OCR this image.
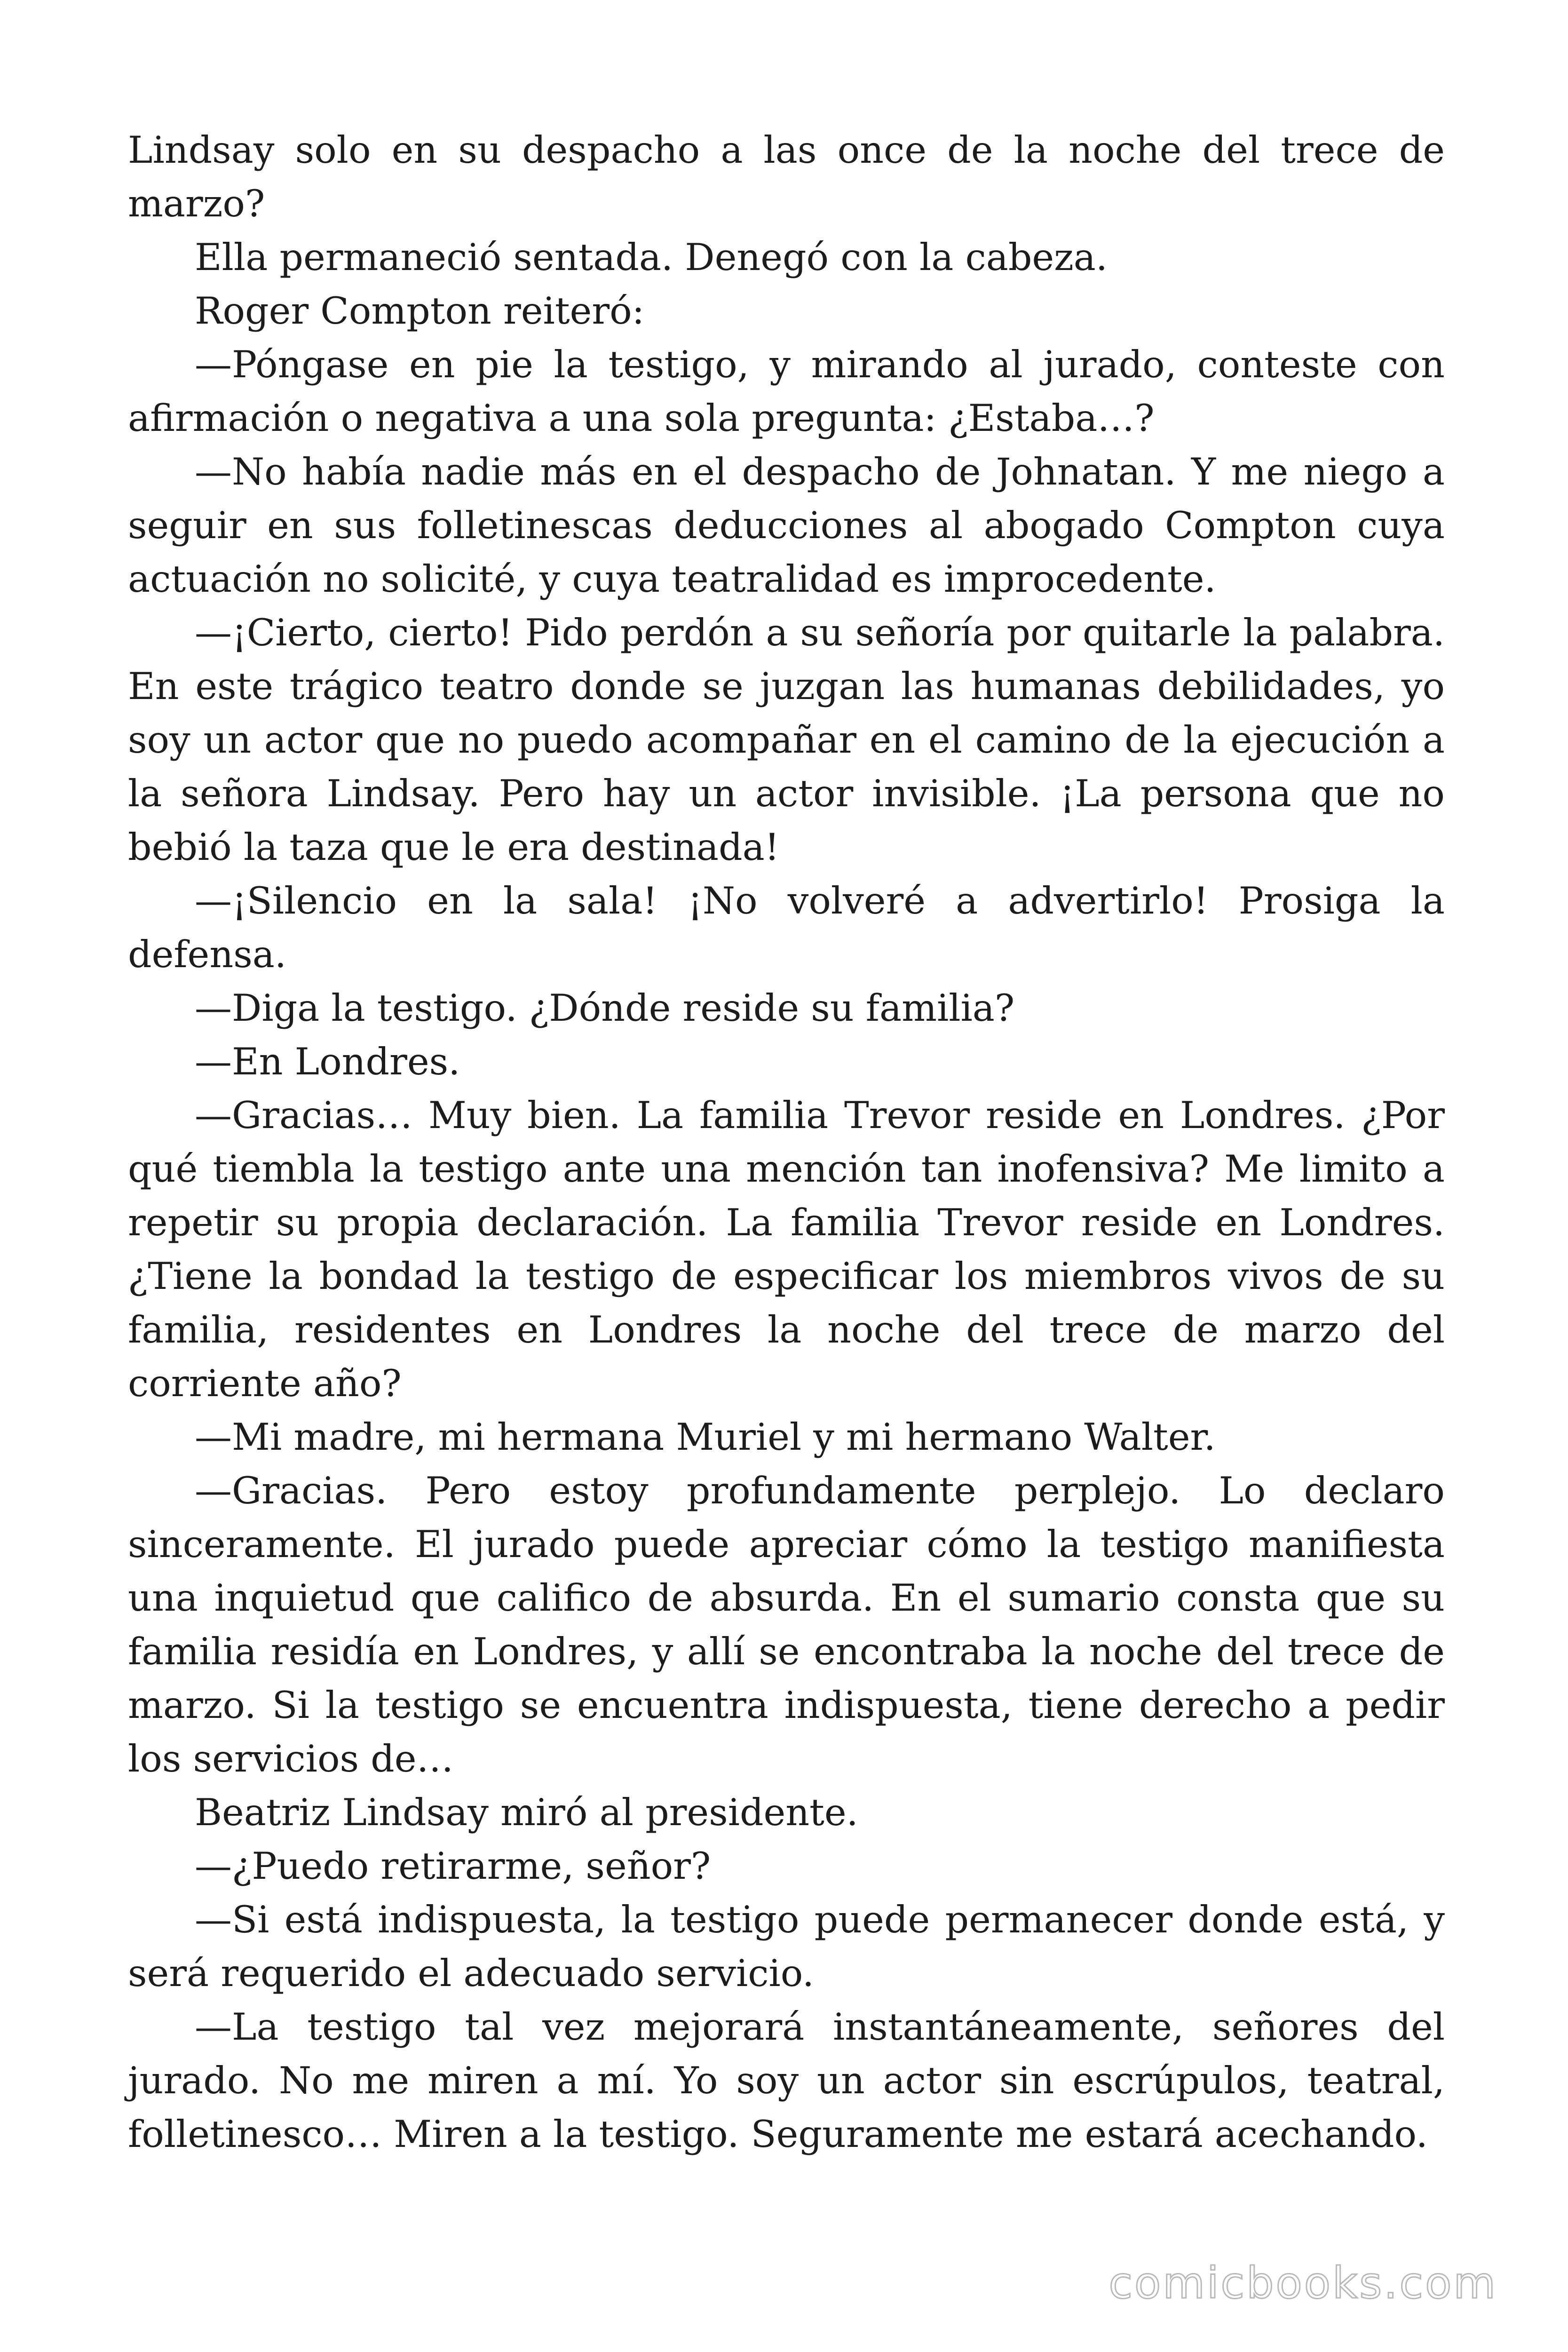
Lindsay solo en su despacho a las once de la noche del trece de marzo?

Ella permaneció sentada. Denegó con la cabeza.

Roger Compton reiteró:

—Póngase en pie la testigo, y mirando al jurado, conteste con afirmación o negativa a una sola pregunta: ¿Estaba…?

—No había nadie más en el despacho de Johnatan. Y me niego a seguir en sus folletinescas deducciones al abogado Compton cuya actuación no solicité, y cuya teatralidad es improcedente.

—¡Cierto, cierto! Pido perdón a su señoría por quitarle la palabra. En este trágico teatro donde se juzgan las humanas debilidades, yo soy un actor que no puedo acompañar en el camino de la ejecución a la señora Lindsay. Pero hay un actor invisible. ¡La persona que no bebió la taza que le era destinada!

—¡Silencio en la sala! ¡No volveré a advertirlo! Prosiga la defensa.

—Diga la testigo. ¿Dónde reside su familia?

—En Londres.

—Gracias… Muy bien. La familia Trevor reside en Londres. ¿Por qué tiembla la testigo ante una mención tan inofensiva? Me limito a repetir su propia declaración. La familia Trevor reside en Londres. ¿Tiene la bondad la testigo de especificar los miembros vivos de su familia, residentes en Londres la noche del trece de marzo del corriente año?

—Mi madre, mi hermana Muriel y mi hermano Walter.

—Gracias. Pero estoy profundamente perplejo. Lo declaro sinceramente. El jurado puede apreciar cómo la testigo manifiesta una inquietud que califico de absurda. En el sumario consta que su familia residía en Londres, y allí se encontraba la noche del trece de marzo. Si la testigo se encuentra indispuesta, tiene derecho a pedir los servicios de…

Beatriz Lindsay miró al presidente.

—¿Puedo retirarme, señor?

—Si está indispuesta, la testigo puede permanecer donde está, y será requerido el adecuado servicio.

—La testigo tal vez mejorará instantáneamente, señores del jurado. No me miren a mí. Yo soy un actor sin escrúpulos, teatral, folletinesco… Miren a la testigo. Seguramente me estará acechando.

comicbooks.com
